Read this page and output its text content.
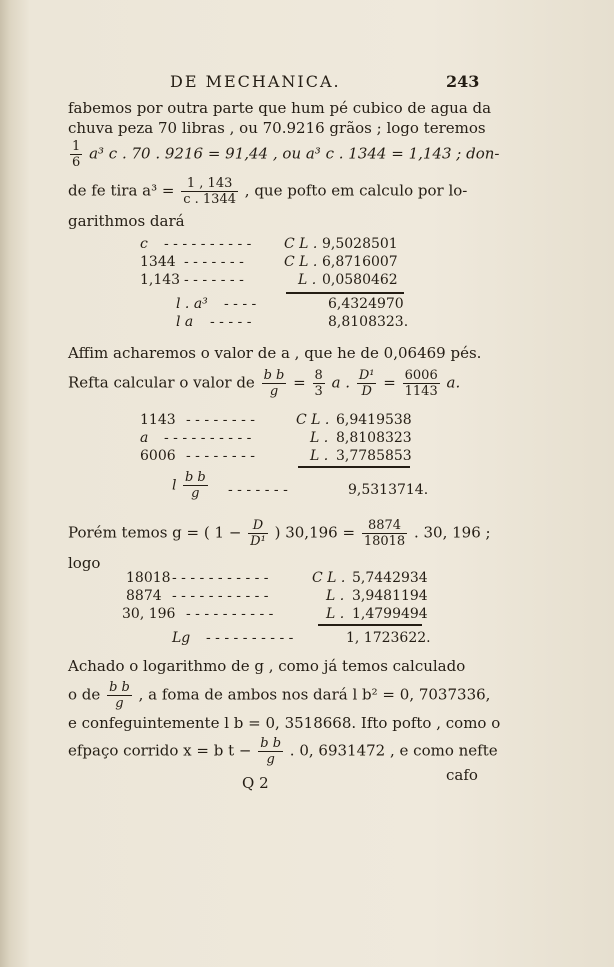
DE MECHANICA.	243
fabemos por outra parte que hum pé cubico de agua da
chuva peza 70 libras , ou 70.9216 grãos ; logo teremos
$\frac{1}{6} a^3$ c . 70 . 9216 = 91,44 , ou a³ c . 1344 = 1,143 ; don-
de fe tira $a^3 = \frac{1 , 143}{c . 1344}$ , que pofto em calculo por lo-
garithmos dará
c - - - - - - - - - - C L . 9,5028501
1344 - - - - - - -	C L . 6,8716007
1,143 - - - - - - -	L . 0,0580462
l . a³ - - - -	6,4324970
l a - - - - -	8,8108323.
Affim acharemos o valor de a , que he de 0,06469 pés.
Refta calcular o valor de $\frac{\text{b b}}{g} = \frac{8}{3}$ a . $\frac{\text{D¹}}{D} = \frac{6006}{1143} a$.
1143 - - - - - - - -	C L . 6,9419538
a - - - - - - - - - -	L . 8,8108323
6006 - - - - - - - -	L . 3,7785853
l $\frac{\text{b b}}{g}$ - - - - - - -	9,5313714.
Porém temos g = ( $1 - \frac{D}{\text{D¹}}$ ) $30,196 = \frac{8874}{18018}$ . 30, 196 ;
logo
18018 - - - - - - - - - - -	C L . 5,7442934
8874 - - - - - - - - - - -	L . 3,9481194
30, 196 - - - - - - - - - -	L . 1,4799494
Lg - - - - - - - - - -	1, 1723622.
Achado o logarithmo de g , como já temos calculado
o de $\frac{\text{b b}}{g}$ , a foma de ambos nos dará l b² = 0, 7037336,
e confeguintemente l b = 0, 3518668. Ifto pofto , como o
efpaço corrido x = b $t - \frac{\text{b b}}{g}$ . 0, 6931472 , e como nefte
Q 2	cafo
